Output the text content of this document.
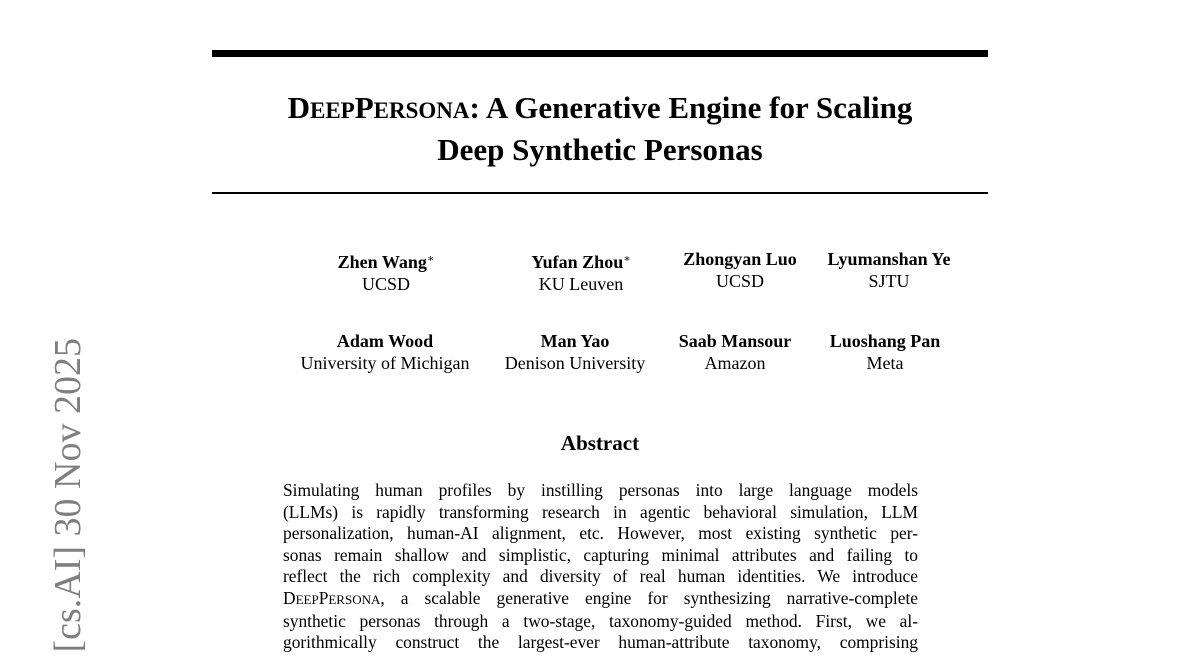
[cs.AI] 30 Nov 2025
DEEPPERSONA: A Generative Engine for Scaling
Deep Synthetic Personas
Zhen Wang∗
UCSD
Yufan Zhou∗
KU Leuven
Zhongyan Luo
UCSD
Lyumanshan Ye
SJTU
Adam Wood
University of Michigan
Man Yao
Denison University
Saab Mansour
Amazon
Luoshang Pan
Meta
Abstract
Simulating human profiles by instilling personas into large language models
(LLMs) is rapidly transforming research in agentic behavioral simulation, LLM
personalization, human-AI alignment, etc. However, most existing synthetic per-
sonas remain shallow and simplistic, capturing minimal attributes and failing to
reflect the rich complexity and diversity of real human identities. We introduce
DEEPPERSONA, a scalable generative engine for synthesizing narrative-complete
synthetic personas through a two-stage, taxonomy-guided method. First, we al-
gorithmically construct the largest-ever human-attribute taxonomy, comprising
